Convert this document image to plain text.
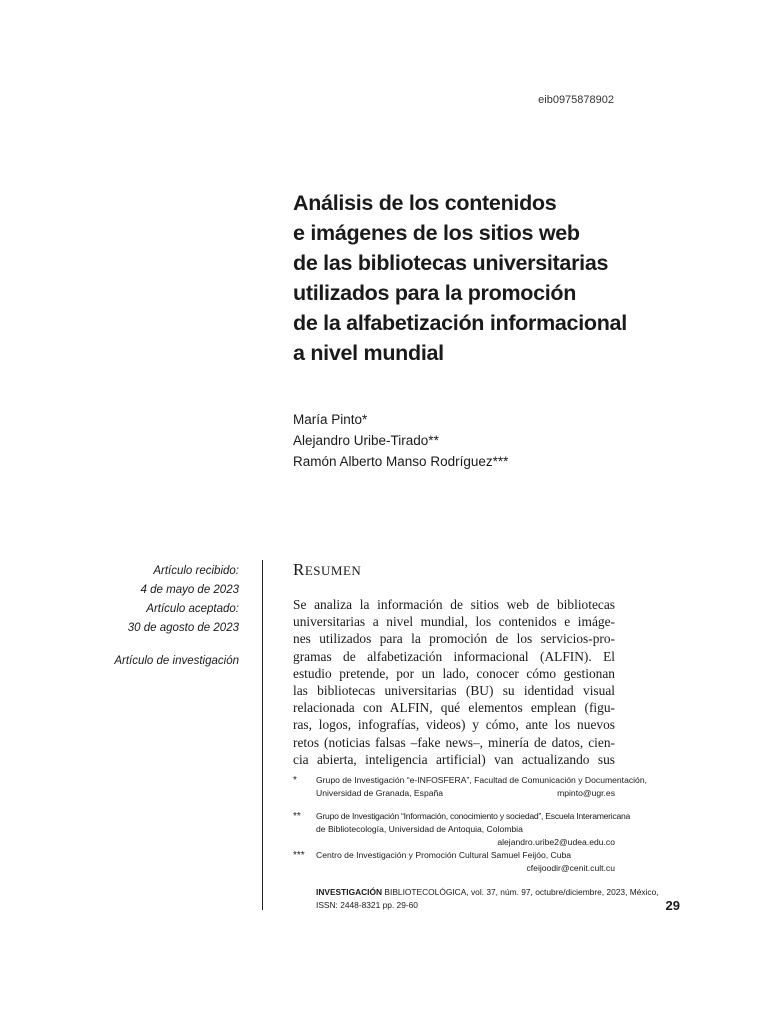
eib0975878902
Análisis de los contenidos
e imágenes de los sitios web
de las bibliotecas universitarias
utilizados para la promoción
de la alfabetización informacional
a nivel mundial
María Pinto*
Alejandro Uribe-Tirado**
Ramón Alberto Manso Rodríguez***
Artículo recibido:
4 de mayo de 2023
Artículo aceptado:
30 de agosto de 2023
Artículo de investigación
RESUMEN
Se analiza la información de sitios web de bibliotecas
universitarias a nivel mundial, los contenidos e imáge-
nes utilizados para la promoción de los servicios-pro-
gramas de alfabetización informacional (ALFIN). El
estudio pretende, por un lado, conocer cómo gestionan
las bibliotecas universitarias (BU) su identidad visual
relacionada con ALFIN, qué elementos emplean (figu-
ras, logos, infografías, videos) y cómo, ante los nuevos
retos (noticias falsas –fake news–, minería de datos, cien-
cia abierta, inteligencia artificial) van actualizando sus
* Grupo de Investigación “e-INFOSFERA”, Facultad de Comunicación y Documentación,
Universidad de Granada, España	mpinto@ugr.es
** Grupo de Investigación “Información, conocimiento y sociedad”, Escuela Interamericana
de Bibliotecología, Universidad de Antoquia, Colombia
alejandro.uribe2@udea.edu.co
*** Centro de Investigación y Promoción Cultural Samuel Feijóo, Cuba
cfeijoodir@cenit.cult.cu
INVESTIGACIÓN BIBLIOTECOLÓGICA, vol. 37, núm. 97, octubre/diciembre, 2023, México,
ISSN: 2448-8321 pp. 29-60	29
